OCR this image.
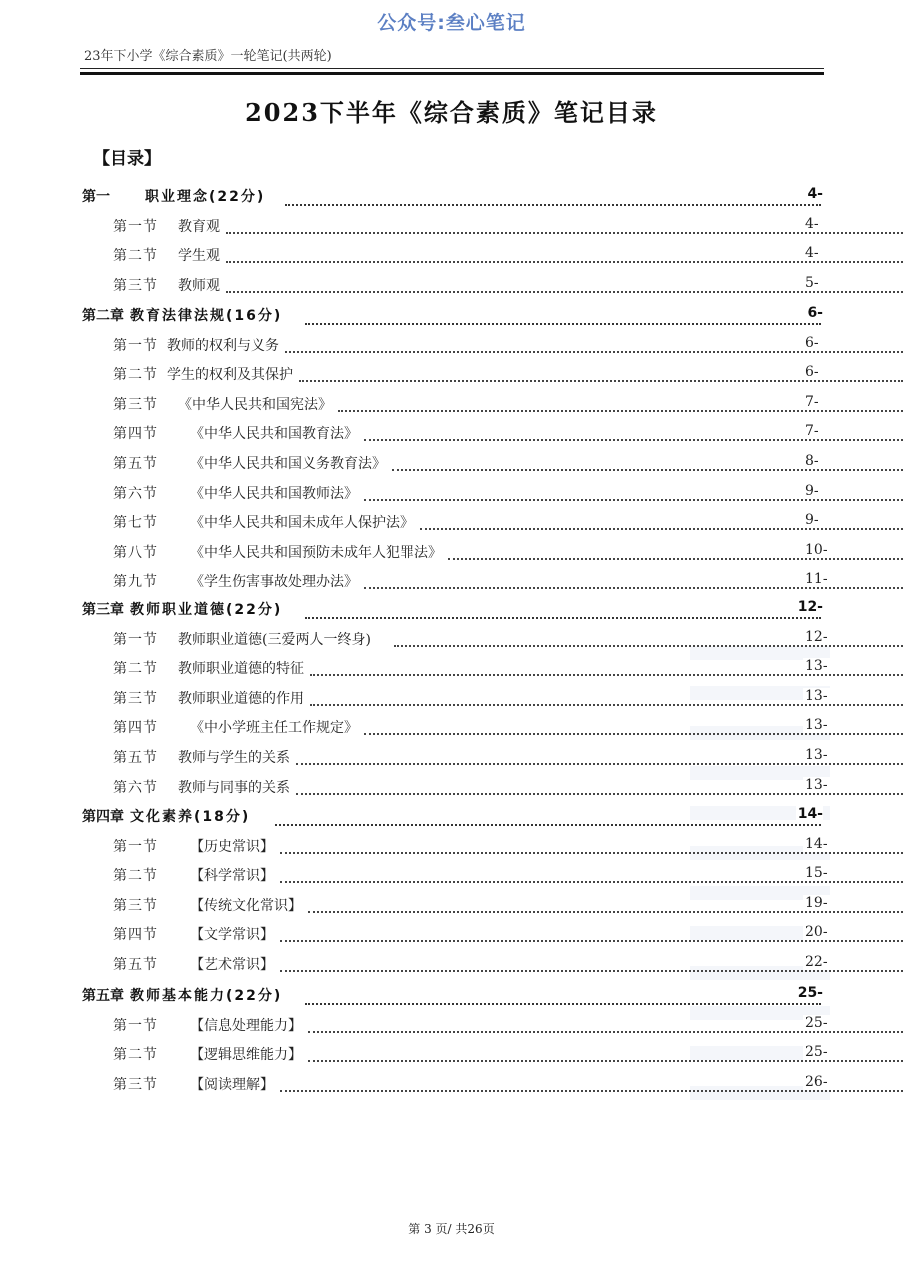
公众号:叁心笔记
23年下小学《综合素质》一轮笔记(共两轮)
2023下半年《综合素质》笔记目录
【目录】
第一	职业理念(22分)	4-
第一节 教育观	4-
第二节 学生观	4-
第三节 教师观	5-
第二章 教育法律法规(16分)	6-
第一节 教师的权利与义务	6-
第二节 学生的权利及其保护	6-
第三节 《中华人民共和国宪法》	7-
第四节 《中华人民共和国教育法》	7-
第五节 《中华人民共和国义务教育法》	8-
第六节 《中华人民共和国教师法》	9-
第七节 《中华人民共和国未成年人保护法》	9-
第八节 《中华人民共和国预防未成年人犯罪法》	10-
第九节 《学生伤害事故处理办法》	11-
第三章 教师职业道德(22分)	12-
第一节 教师职业道德(三爱两人一终身)	12-
第二节 教师职业道德的特征	13-
第三节 教师职业道德的作用	13-
第四节 《中小学班主任工作规定》	13-
第五节 教师与学生的关系	13-
第六节 教师与同事的关系	13-
第四章 文化素养(18分)	14-
第一节 【历史常识】	14-
第二节 【科学常识】	15-
第三节 【传统文化常识】	19-
第四节 【文学常识】	20-
第五节 【艺术常识】	22-
第五章 教师基本能力(22分)	25-
第一节 【信息处理能力】	25-
第二节 【逻辑思维能力】	25-
第三节 【阅读理解】	26-
第 3 页/ 共26页
